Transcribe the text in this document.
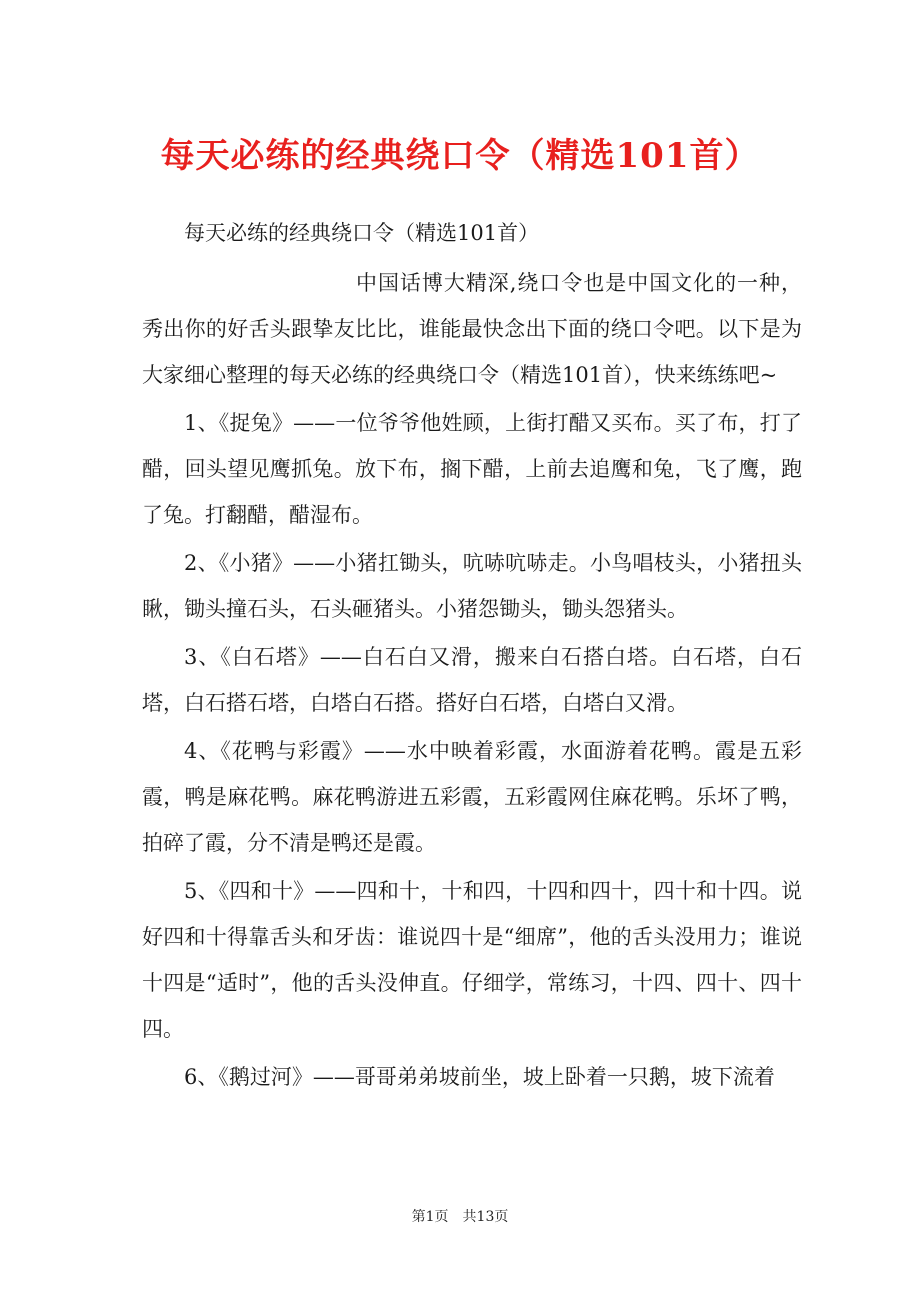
每天必练的经典绕口令（精选101首）

每天必练的经典绕口令（精选101首）

中国话博大精深,绕口令也是中国文化的一种，秀出你的好舌头跟挚友比比，谁能最快念出下面的绕口令吧。以下是为大家细心整理的每天必练的经典绕口令（精选101首），快来练练吧~

1、《捉兔》——一位爷爷他姓顾，上街打醋又买布。买了布，打了醋，回头望见鹰抓兔。放下布，搁下醋，上前去追鹰和兔，飞了鹰，跑了兔。打翻醋，醋湿布。

2、《小猪》——小猪扛锄头，吭哧吭哧走。小鸟唱枝头，小猪扭头瞅，锄头撞石头，石头砸猪头。小猪怨锄头，锄头怨猪头。

3、《白石塔》——白石白又滑，搬来白石搭白塔。白石塔，白石塔，白石搭石塔，白塔白石搭。搭好白石塔，白塔白又滑。

4、《花鸭与彩霞》——水中映着彩霞，水面游着花鸭。霞是五彩霞，鸭是麻花鸭。麻花鸭游进五彩霞，五彩霞网住麻花鸭。乐坏了鸭，拍碎了霞，分不清是鸭还是霞。

5、《四和十》——四和十，十和四，十四和四十，四十和十四。说好四和十得靠舌头和牙齿：谁说四十是“细席”，他的舌头没用力；谁说十四是“适时”，他的舌头没伸直。仔细学，常练习，十四、四十、四十四。

6、《鹅过河》——哥哥弟弟坡前坐，坡上卧着一只鹅，坡下流着

第1页 共13页
